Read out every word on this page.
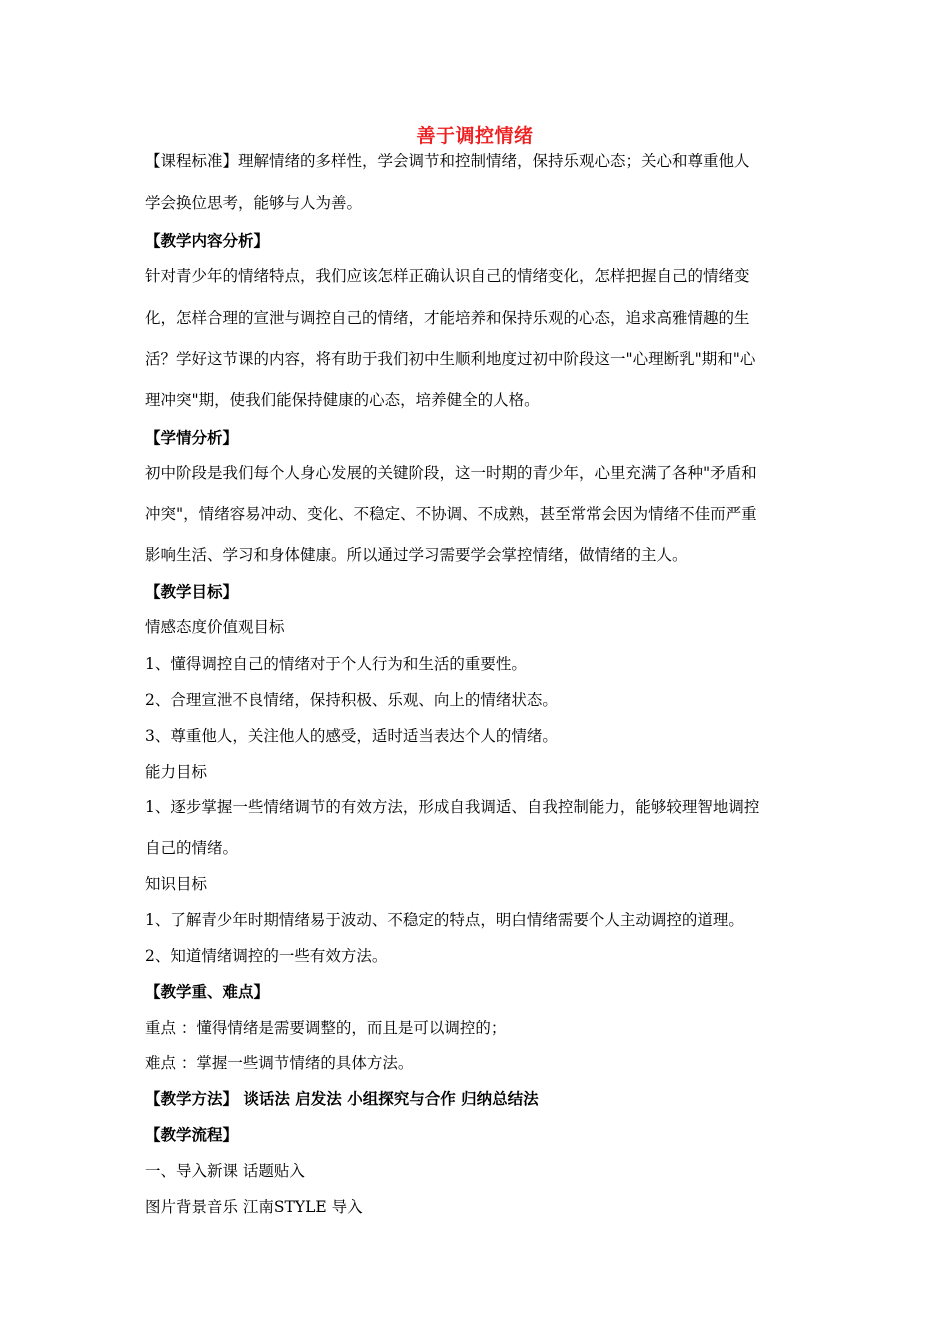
善于调控情绪
【课程标准】理解情绪的多样性，学会调节和控制情绪，保持乐观心态；关心和尊重他人
学会换位思考，能够与人为善。
【教学内容分析】
针对青少年的情绪特点，我们应该怎样正确认识自己的情绪变化，怎样把握自己的情绪变
化，怎样合理的宣泄与调控自己的情绪，才能培养和保持乐观的心态，追求高雅情趣的生
活？学好这节课的内容，将有助于我们初中生顺利地度过初中阶段这一"心理断乳"期和"心
理冲突"期，使我们能保持健康的心态，培养健全的人格。
【学情分析】
初中阶段是我们每个人身心发展的关键阶段，这一时期的青少年，心里充满了各种"矛盾和
冲突"，情绪容易冲动、变化、不稳定、不协调、不成熟，甚至常常会因为情绪不佳而严重
影响生活、学习和身体健康。所以通过学习需要学会掌控情绪，做情绪的主人。
【教学目标】
情感态度价值观目标
1、懂得调控自己的情绪对于个人行为和生活的重要性。
2、合理宣泄不良情绪，保持积极、乐观、向上的情绪状态。
3、尊重他人，关注他人的感受，适时适当表达个人的情绪。
能力目标
1、逐步掌握一些情绪调节的有效方法，形成自我调适、自我控制能力，能够较理智地调控
自己的情绪。
知识目标
1、了解青少年时期情绪易于波动、不稳定的特点，明白情绪需要个人主动调控的道理。
2、知道情绪调控的一些有效方法。
【教学重、难点】
重点 ：懂得情绪是需要调整的，而且是可以调控的；
难点 ：掌握一些调节情绪的具体方法。
【教学方法】 谈话法 启发法 小组探究与合作 归纳总结法
【教学流程】
一、导入新课 话题贴入
图片背景音乐 江南STYLE 导入
